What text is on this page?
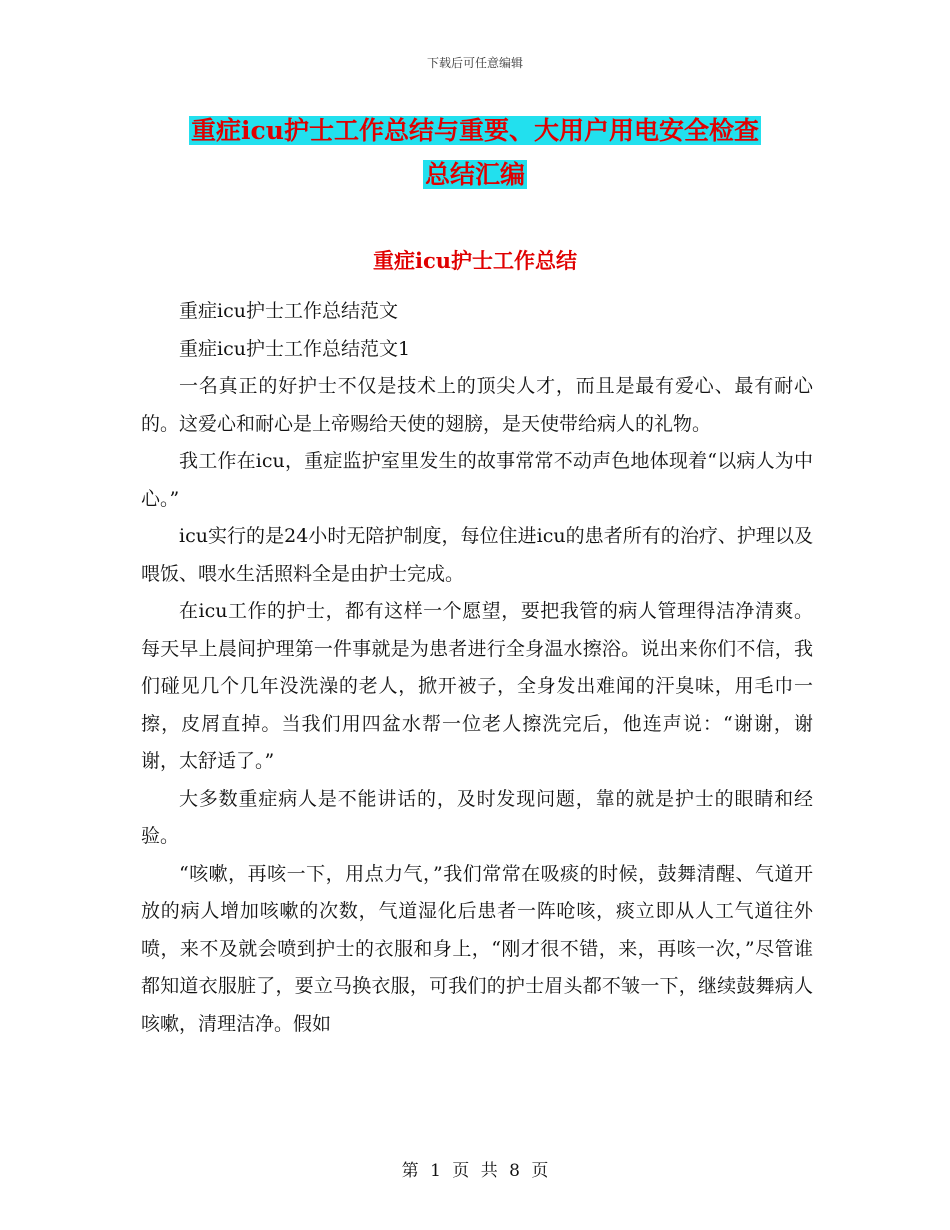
下载后可任意编辑
重症icu护士工作总结与重要、大用户用电安全检查
总结汇编
重症icu护士工作总结

重症icu护士工作总结范文

重症icu护士工作总结范文1

一名真正的好护士不仅是技术上的顶尖人才，而且是最有爱心、最有耐心的。这爱心和耐心是上帝赐给天使的翅膀，是天使带给病人的礼物。

我工作在icu，重症监护室里发生的故事常常不动声色地体现着“以病人为中心。”

icu实行的是24小时无陪护制度，每位住进icu的患者所有的治疗、护理以及喂饭、喂水生活照料全是由护士完成。

在icu工作的护士，都有这样一个愿望，要把我管的病人管理得洁净清爽。每天早上晨间护理第一件事就是为患者进行全身温水擦浴。说出来你们不信，我们碰见几个几年没洗澡的老人，掀开被子，全身发出难闻的汗臭味，用毛巾一擦，皮屑直掉。当我们用四盆水帮一位老人擦洗完后，他连声说：“谢谢，谢谢，太舒适了。”

大多数重症病人是不能讲话的，及时发现问题，靠的就是护士的眼睛和经验。

“咳嗽，再咳一下，用点力气，”我们常常在吸痰的时候，鼓舞清醒、气道开放的病人增加咳嗽的次数，气道湿化后患者一阵呛咳，痰立即从人工气道往外喷，来不及就会喷到护士的衣服和身上，“刚才很不错，来，再咳一次，”尽管谁都知道衣服脏了，要立马换衣服，可我们的护士眉头都不皱一下，继续鼓舞病人咳嗽，清理洁净。假如

第 1 页 共 8 页
